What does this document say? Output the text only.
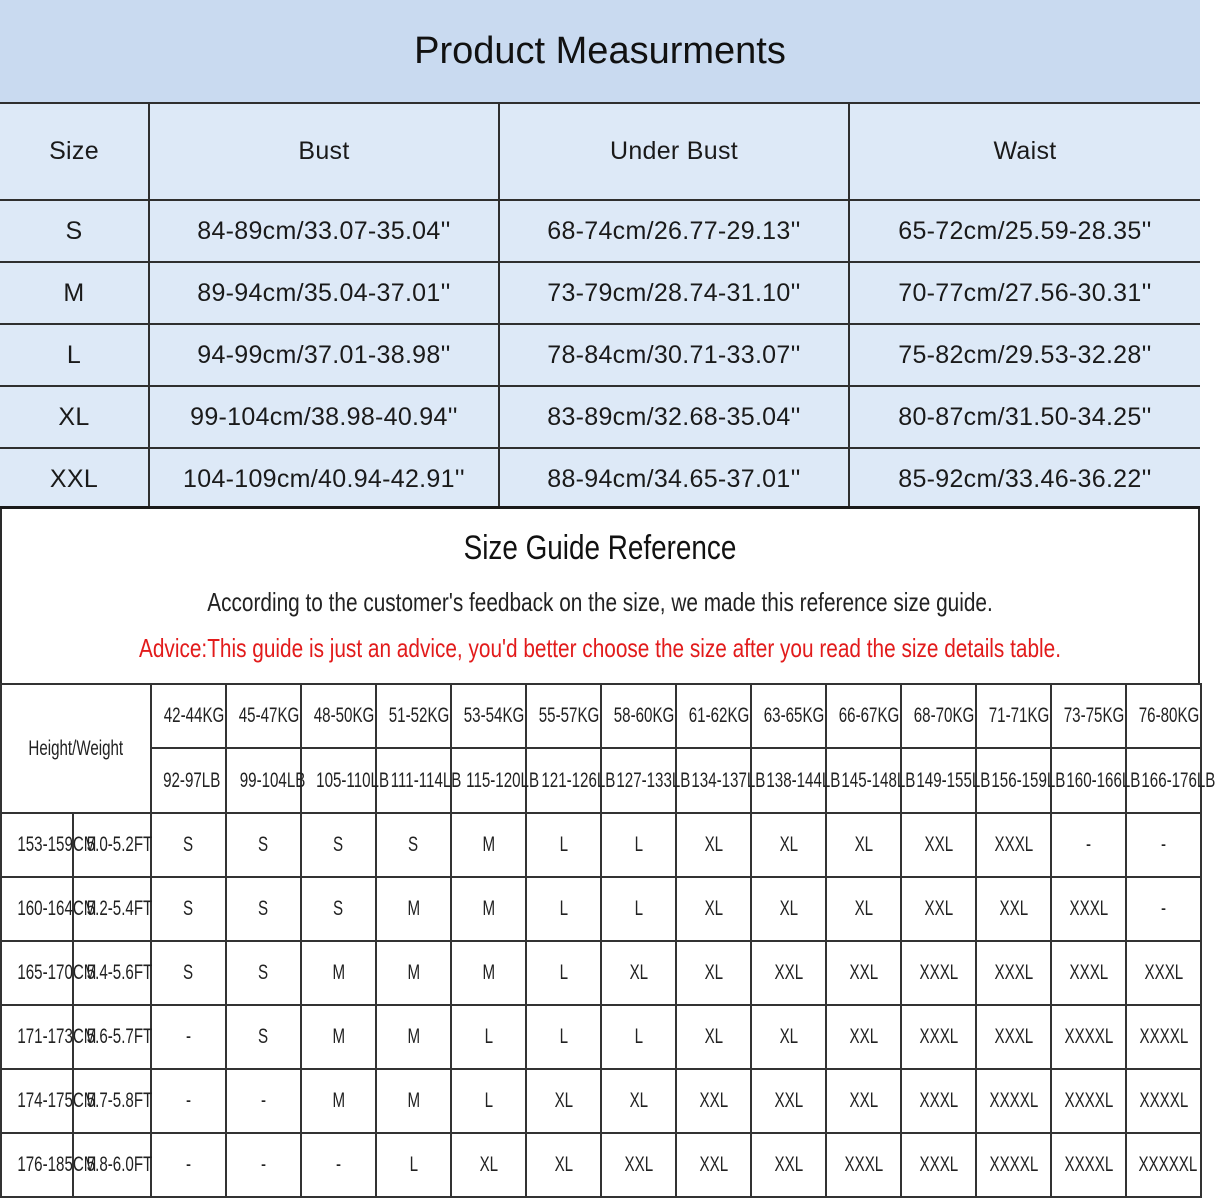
Product Measurments
Size	Bust	Under Bust	Waist
S	84-89cm/33.07-35.04''	68-74cm/26.77-29.13''	65-72cm/25.59-28.35''
M	89-94cm/35.04-37.01''	73-79cm/28.74-31.10''	70-77cm/27.56-30.31''
L	94-99cm/37.01-38.98''	78-84cm/30.71-33.07''	75-82cm/29.53-32.28''
XL	99-104cm/38.98-40.94''	83-89cm/32.68-35.04''	80-87cm/31.50-34.25''
XXL	104-109cm/40.94-42.91''	88-94cm/34.65-37.01''	85-92cm/33.46-36.22''
Size Guide Reference
According to the customer's feedback on the size, we made this reference size guide.
Advice:This guide is just an advice, you'd better choose the size after you read the size details table.
Height/Weight		42-44KG	45-47KG	48-50KG	51-52KG	53-54KG	55-57KG	58-60KG	61-62KG	63-65KG	66-67KG	68-70KG	71-71KG	73-75KG	76-80KG
		92-97LB	99-104LB	105-110LB	111-114LB	115-120LB	121-126LB	127-133LB	134-137LB	138-144LB	145-148LB	149-155LB	156-159LB	160-166LB	166-176LB
153-159CM	5.0-5.2FT	S	S	S	S	M	L	L	XL	XL	XL	XXL	XXXL	-	-
160-164CM	5.2-5.4FT	S	S	S	M	M	L	L	XL	XL	XL	XXL	XXL	XXXL	-
165-170CM	5.4-5.6FT	S	S	M	M	M	L	XL	XL	XXL	XXL	XXXL	XXXL	XXXL	XXXL
171-173CM	5.6-5.7FT	-	S	M	M	L	L	L	XL	XL	XXL	XXXL	XXXL	XXXXL	XXXXL
174-175CM	5.7-5.8FT	-	-	M	M	L	XL	XL	XXL	XXL	XXL	XXXL	XXXXL	XXXXL	XXXXL
176-185CM	5.8-6.0FT	-	-	-	L	XL	XL	XXL	XXL	XXL	XXXL	XXXL	XXXXL	XXXXL	XXXXXL
